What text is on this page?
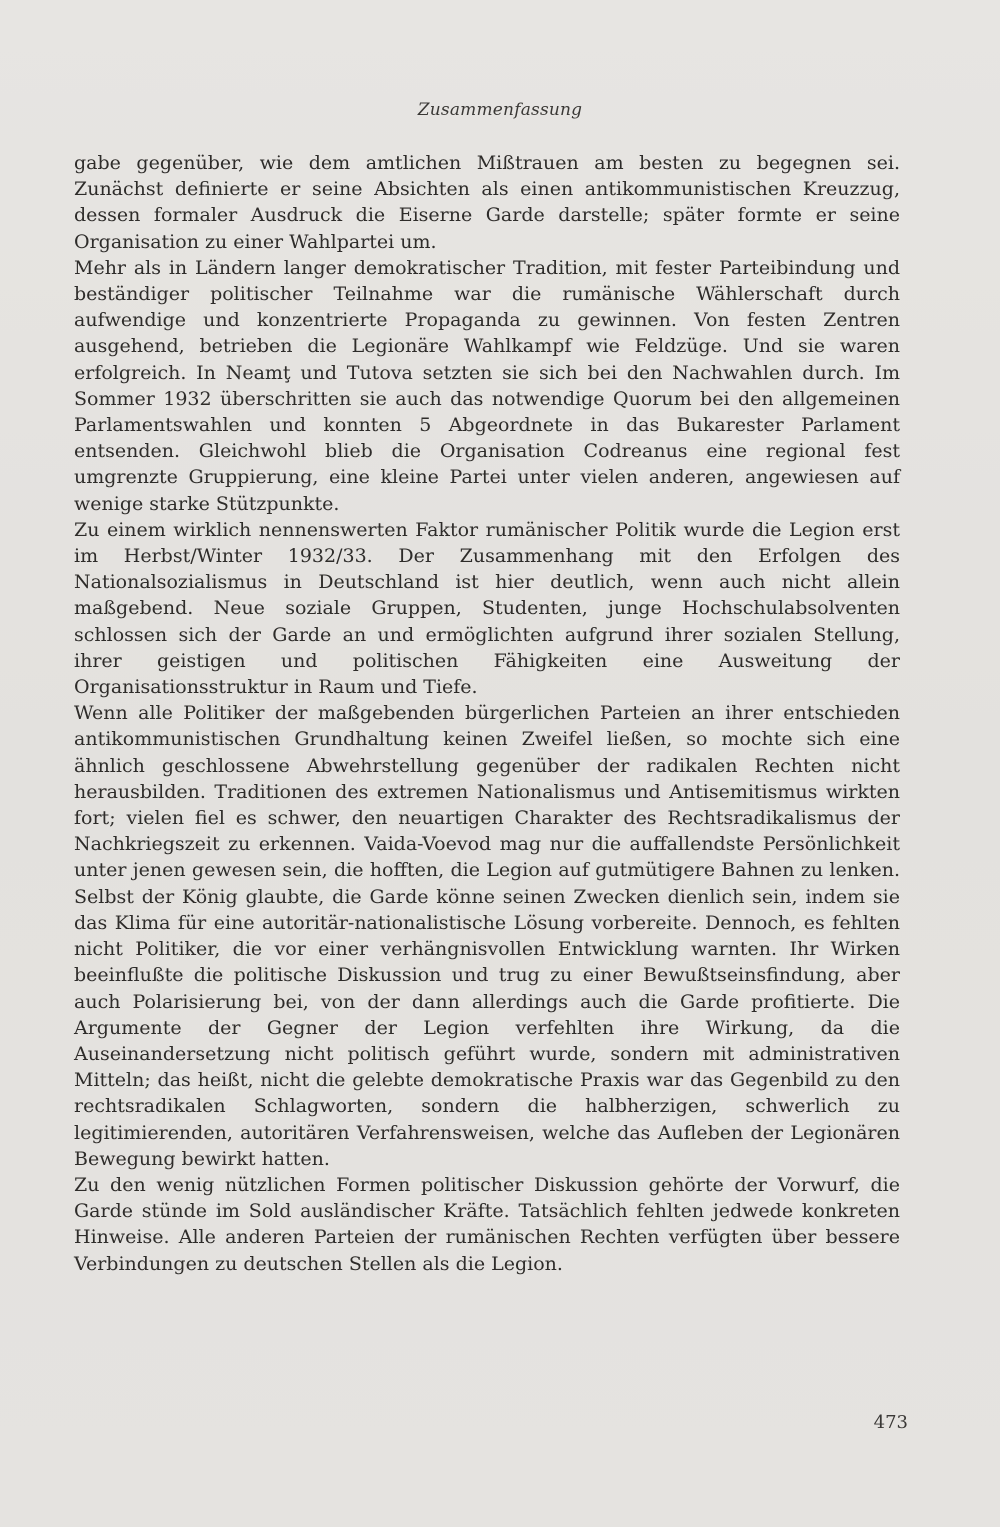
Zusammenfassung

gabe gegenüber, wie dem amtlichen Mißtrauen am besten zu begegnen sei. Zunächst definierte er seine Absichten als einen antikommunistischen Kreuzzug, dessen formaler Ausdruck die Eiserne Garde darstelle; später formte er seine Organisation zu einer Wahlpartei um.

Mehr als in Ländern langer demokratischer Tradition, mit fester Parteibindung und beständiger politischer Teilnahme war die rumänische Wählerschaft durch aufwendige und konzentrierte Propaganda zu gewinnen. Von festen Zentren ausgehend, betrieben die Legionäre Wahlkampf wie Feldzüge. Und sie waren erfolgreich. In Neamţ und Tutova setzten sie sich bei den Nachwahlen durch. Im Sommer 1932 überschritten sie auch das notwendige Quorum bei den allgemeinen Parlamentswahlen und konnten 5 Abgeordnete in das Bukarester Parlament entsenden. Gleichwohl blieb die Organisation Codreanus eine regional fest umgrenzte Gruppierung, eine kleine Partei unter vielen anderen, angewiesen auf wenige starke Stützpunkte.

Zu einem wirklich nennenswerten Faktor rumänischer Politik wurde die Legion erst im Herbst/Winter 1932/33. Der Zusammenhang mit den Erfolgen des Nationalsozialismus in Deutschland ist hier deutlich, wenn auch nicht allein maßgebend. Neue soziale Gruppen, Studenten, junge Hochschulabsolventen schlossen sich der Garde an und ermöglichten aufgrund ihrer sozialen Stellung, ihrer geistigen und politischen Fähigkeiten eine Ausweitung der Organisationsstruktur in Raum und Tiefe.

Wenn alle Politiker der maßgebenden bürgerlichen Parteien an ihrer entschieden antikommunistischen Grundhaltung keinen Zweifel ließen, so mochte sich eine ähnlich geschlossene Abwehrstellung gegenüber der radikalen Rechten nicht herausbilden. Traditionen des extremen Nationalismus und Antisemitismus wirkten fort; vielen fiel es schwer, den neuartigen Charakter des Rechtsradikalismus der Nachkriegszeit zu erkennen. Vaida-Voevod mag nur die auffallendste Persönlichkeit unter jenen gewesen sein, die hofften, die Legion auf gutmütigere Bahnen zu lenken. Selbst der König glaubte, die Garde könne seinen Zwecken dienlich sein, indem sie das Klima für eine autoritär-nationalistische Lösung vorbereite. Dennoch, es fehlten nicht Politiker, die vor einer verhängnisvollen Entwicklung warnten. Ihr Wirken beeinflußte die politische Diskussion und trug zu einer Bewußtseinsfindung, aber auch Polarisierung bei, von der dann allerdings auch die Garde profitierte. Die Argumente der Gegner der Legion verfehlten ihre Wirkung, da die Auseinandersetzung nicht politisch geführt wurde, sondern mit administrativen Mitteln; das heißt, nicht die gelebte demokratische Praxis war das Gegenbild zu den rechtsradikalen Schlagworten, sondern die halbherzigen, schwerlich zu legitimierenden, autoritären Verfahrensweisen, welche das Aufleben der Legionären Bewegung bewirkt hatten.

Zu den wenig nützlichen Formen politischer Diskussion gehörte der Vorwurf, die Garde stünde im Sold ausländischer Kräfte. Tatsächlich fehlten jedwede konkreten Hinweise. Alle anderen Parteien der rumänischen Rechten verfügten über bessere Verbindungen zu deutschen Stellen als die Legion.

473
